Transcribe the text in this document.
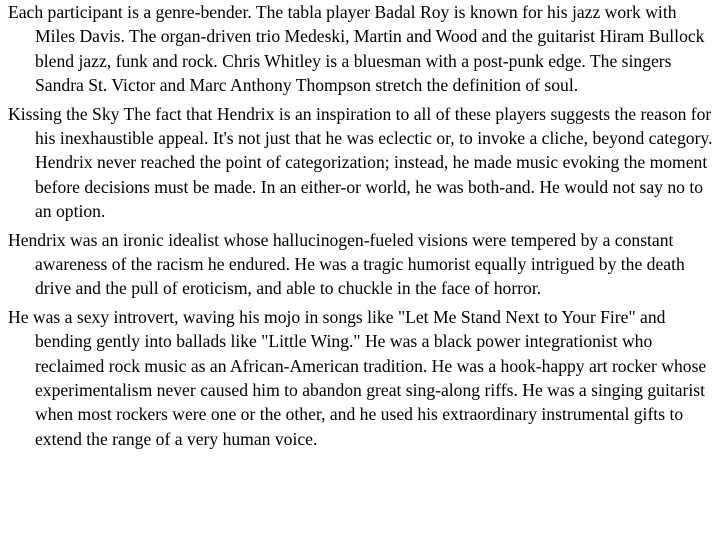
Each participant is a genre-bender. The tabla player Badal Roy is known for his jazz work with Miles Davis. The organ-driven trio Medeski, Martin and Wood and the guitarist Hiram Bullock blend jazz, funk and rock. Chris Whitley is a bluesman with a post-punk edge. The singers Sandra St. Victor and Marc Anthony Thompson stretch the definition of soul.

Kissing the Sky The fact that Hendrix is an inspiration to all of these players suggests the reason for his inexhaustible appeal. It's not just that he was eclectic or, to invoke a cliche, beyond category. Hendrix never reached the point of categorization; instead, he made music evoking the moment before decisions must be made. In an either-or world, he was both-and. He would not say no to an option.

Hendrix was an ironic idealist whose hallucinogen-fueled visions were tempered by a constant awareness of the racism he endured. He was a tragic humorist equally intrigued by the death drive and the pull of eroticism, and able to chuckle in the face of horror.

He was a sexy introvert, waving his mojo in songs like "Let Me Stand Next to Your Fire" and bending gently into ballads like "Little Wing." He was a black power integrationist who reclaimed rock music as an African-American tradition. He was a hook-happy art rocker whose experimentalism never caused him to abandon great sing-along riffs. He was a singing guitarist when most rockers were one or the other, and he used his extraordinary instrumental gifts to extend the range of a very human voice.
